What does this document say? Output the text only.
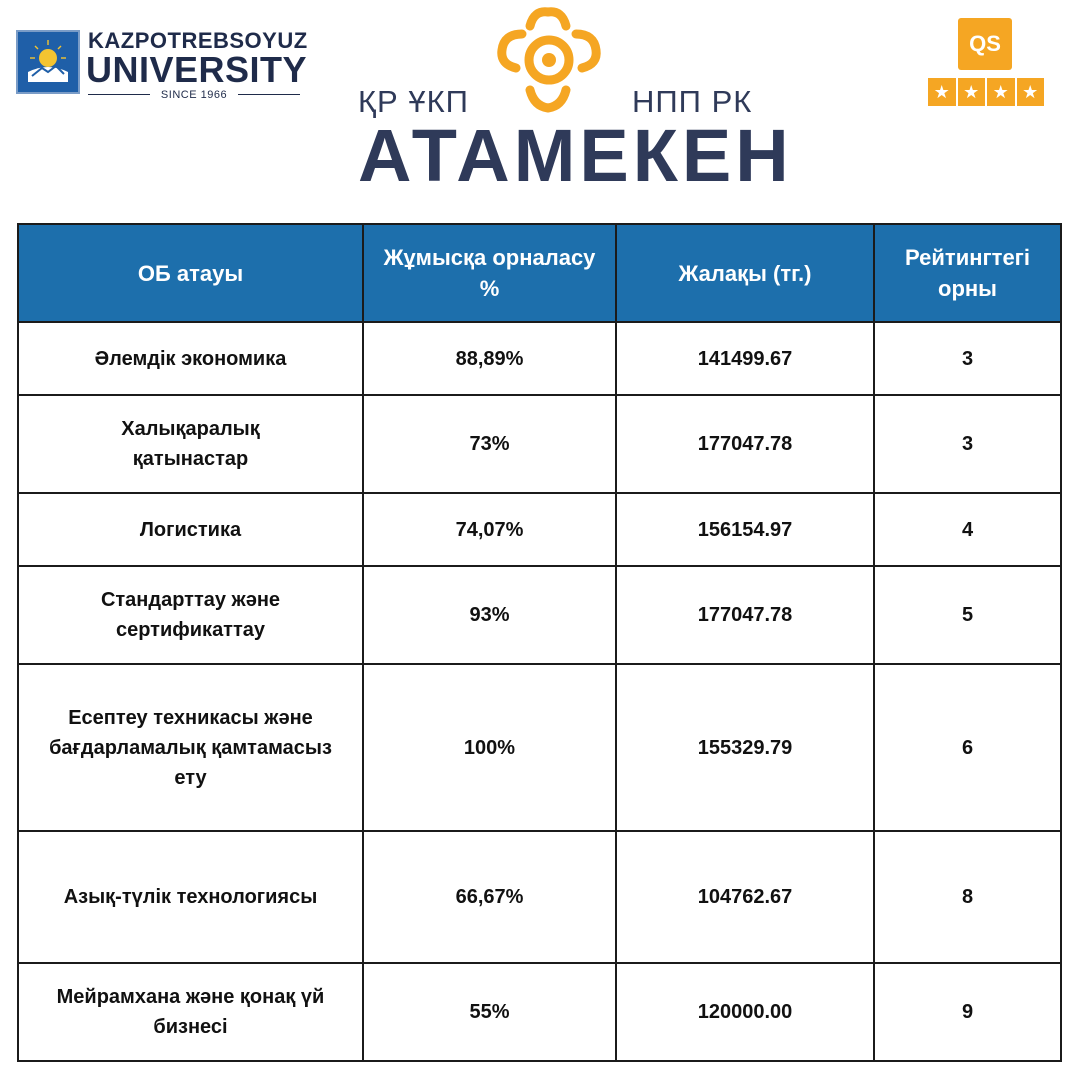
KAZPOTREBSOYUZ
UNIVERSITY
SINCE 1966	ҚР ҰКП	НПП РК
АТАМЕКЕН
QS
★ ★ ★ ★
ОБ атауы	Жұмысқа орналасу %	Жалақы (тг.)	Рейтингтегі орны
Әлемдік экономика	88,89%	141499.67	3
Халықаралық қатынастар	73%	177047.78	3
Логистика	74,07%	156154.97	4
Стандарттау және сертификаттау	93%	177047.78	5
Есептеу техникасы және бағдарламалық қамтамасыз ету	100%	155329.79	6
Азық-түлік технологиясы	66,67%	104762.67	8
Мейрамхана және қонақ үй бизнесі	55%	120000.00	9
